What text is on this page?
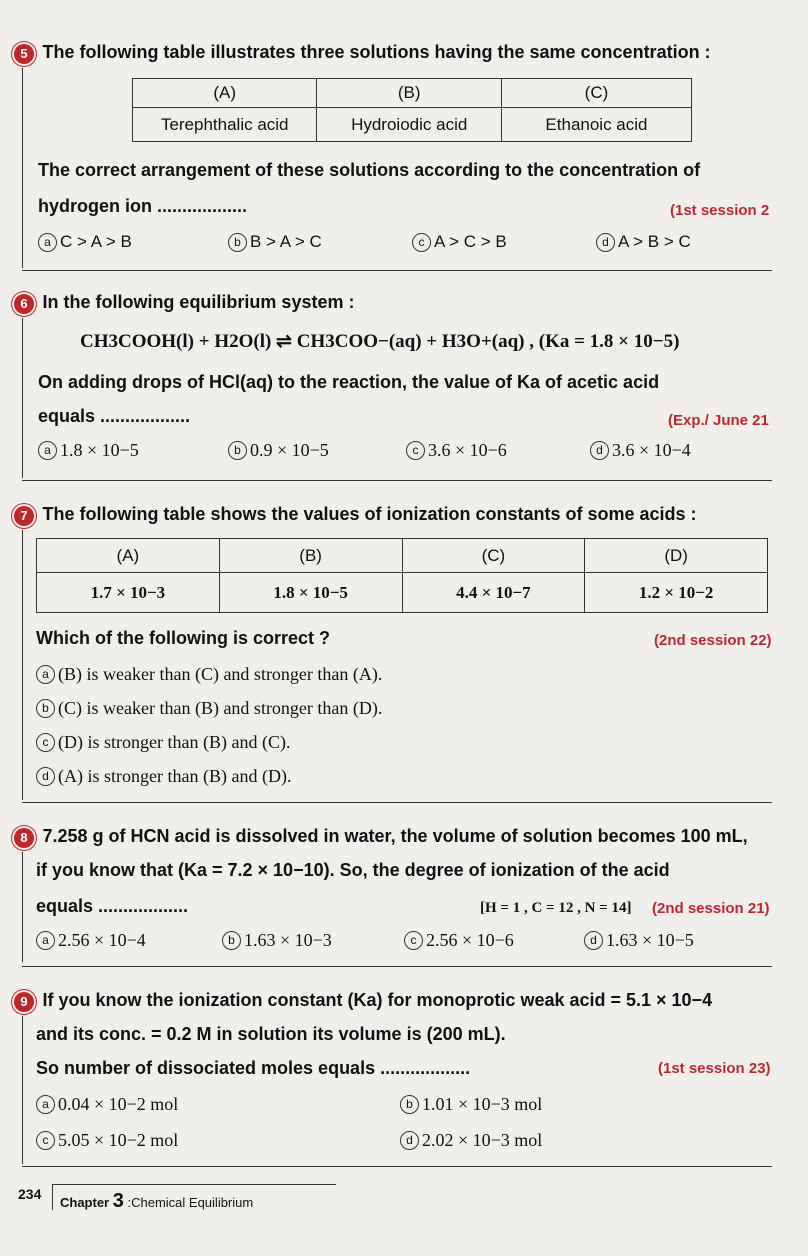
5 The following table illustrates three solutions having the same concentration :
(A)	(B)	(C)
Terephthalic acid	Hydroiodic acid	Ethanoic acid
The correct arrangement of these solutions according to the concentration of
hydrogen ion ..................	(1st session 2
a C > A > B	b B > A > C	c A > C > B	d A > B > C
6 In the following equilibrium system :
CH3COOH(l) + H2O(l) ⇌ CH3COO−(aq) + H3O+(aq) , (Ka = 1.8 × 10−5)
On adding drops of HCl(aq) to the reaction, the value of Ka of acetic acid
equals ..................	(Exp./ June 21
a 1.8 × 10−5	b 0.9 × 10−5	c 3.6 × 10−6	d 3.6 × 10−4
7 The following table shows the values of ionization constants of some acids :
(A)	(B)	(C)	(D)
1.7 × 10−3	1.8 × 10−5	4.4 × 10−7	1.2 × 10−2
Which of the following is correct ?	(2nd session 22)
a (B) is weaker than (C) and stronger than (A).
b (C) is weaker than (B) and stronger than (D).
c (D) is stronger than (B) and (C).
d (A) is stronger than (B) and (D).
8 7.258 g of HCN acid is dissolved in water, the volume of solution becomes 100 mL,
if you know that (Ka = 7.2 × 10−10). So, the degree of ionization of the acid
equals ..................	[H = 1 , C = 12 , N = 14] (2nd session 21)
a 2.56 × 10−4	b 1.63 × 10−3	c 2.56 × 10−6	d 1.63 × 10−5
9 If you know the ionization constant (Ka) for monoprotic weak acid = 5.1 × 10−4
and its conc. = 0.2 M in solution its volume is (200 mL).
So number of dissociated moles equals ..................	(1st session 23)
a 0.04 × 10−2 mol	b 1.01 × 10−3 mol
c 5.05 × 10−2 mol	d 2.02 × 10−3 mol
234
Chapter 3 :Chemical Equilibrium
